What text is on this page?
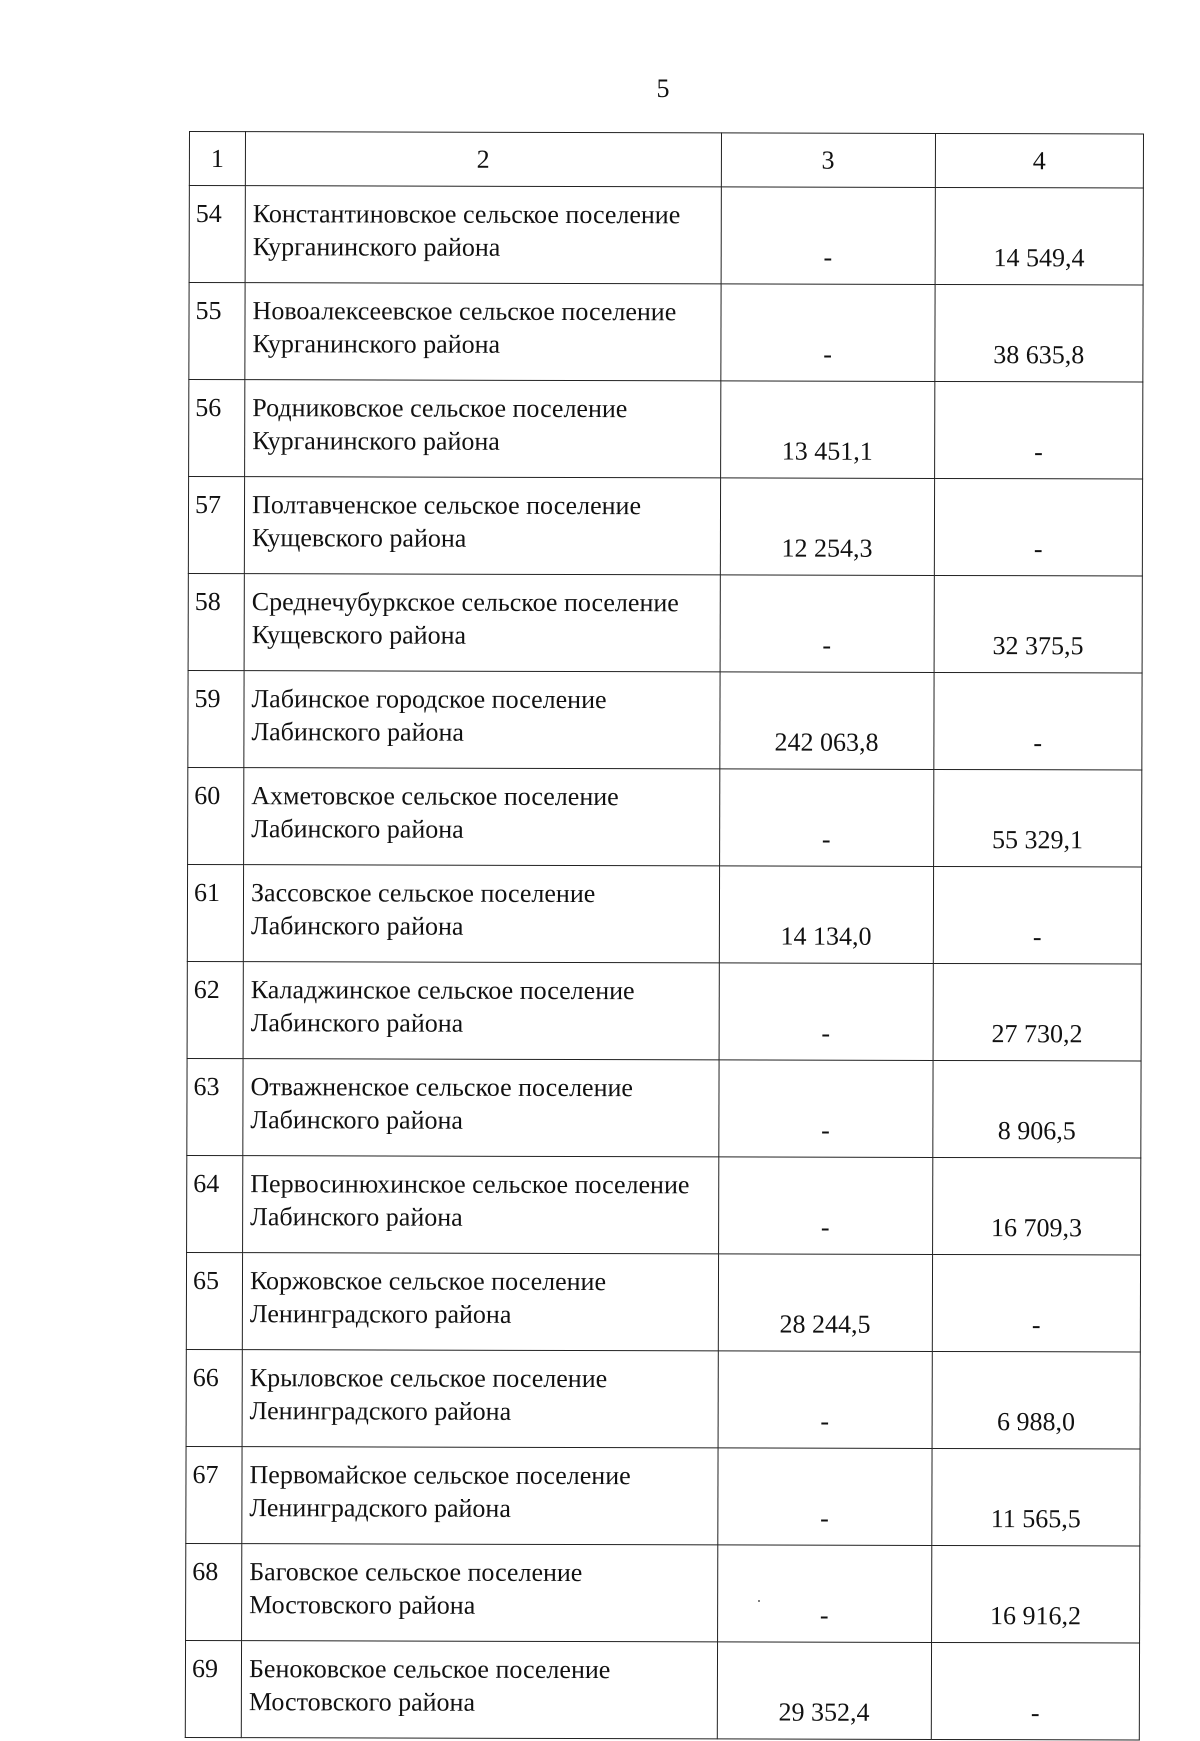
5
1	2	3	4
54	Константиновское сельское поселение Курганинского района	-	14 549,4
55	Новоалексеевское сельское поселение Курганинского района	-	38 635,8
56	Родниковское сельское поселение Курганинского района	13 451,1	-
57	Полтавченское сельское поселение Кущевского района	12 254,3	-
58	Среднечубуркское сельское поселение Кущевского района	-	32 375,5
59	Лабинское городское поселение Лабинского района	242 063,8	-
60	Ахметовское сельское поселение Лабинского района	-	55 329,1
61	Зассовское сельское поселение Лабинского района	14 134,0	-
62	Каладжинское сельское поселение Лабинского района	-	27 730,2
63	Отважненское сельское поселение Лабинского района	-	8 906,5
64	Первосинюхинское сельское поселение Лабинского района	-	16 709,3
65	Коржовское сельское поселение Ленинградского района	28 244,5	-
66	Крыловское сельское поселение Ленинградского района	-	6 988,0
67	Первомайское сельское поселение Ленинградского района	-	11 565,5
68	Баговское сельское поселение Мостовского района	-	16 916,2
69	Беноковское сельское поселение Мостовского района	29 352,4	-
